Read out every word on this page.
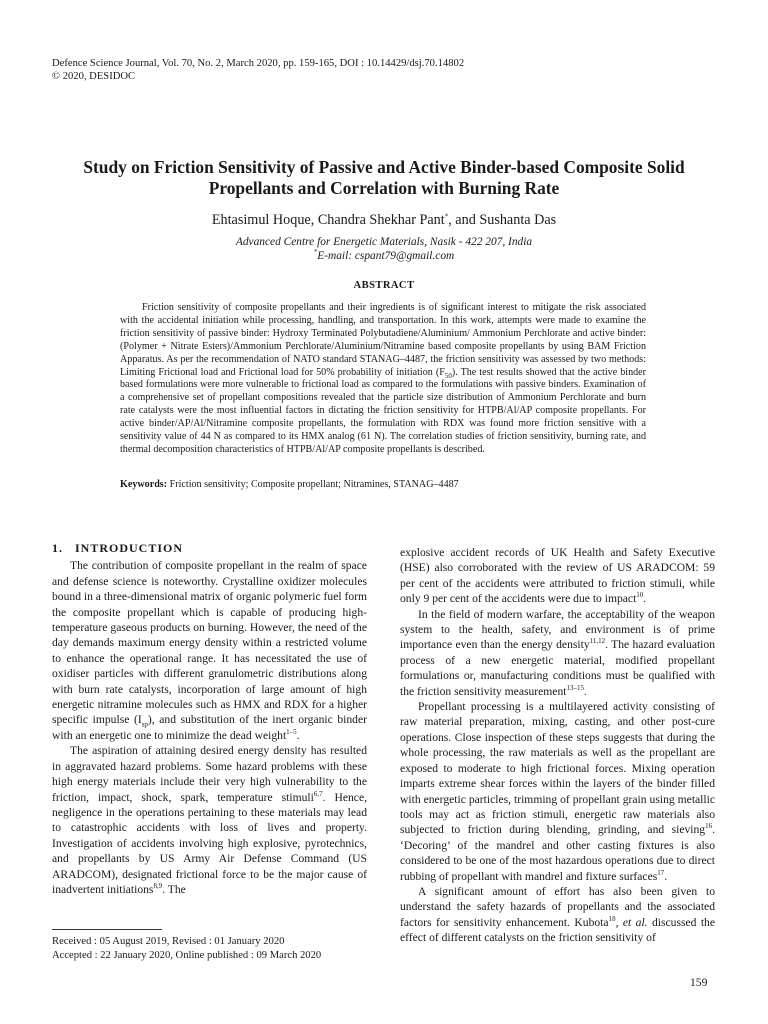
Defence Science Journal, Vol. 70, No. 2, March 2020, pp. 159-165, DOI : 10.14429/dsj.70.14802
© 2020, DESIDOC
Study on Friction Sensitivity of Passive and Active Binder-based Composite Solid Propellants and Correlation with Burning Rate
Ehtasimul Hoque, Chandra Shekhar Pant*, and Sushanta Das
Advanced Centre for Energetic Materials, Nasik - 422 207, India
*E-mail: cspant79@gmail.com
ABSTRACT

Friction sensitivity of composite propellants and their ingredients is of significant interest to mitigate the risk associated with the accidental initiation while processing, handling, and transportation. In this work, attempts were made to examine the friction sensitivity of passive binder: Hydroxy Terminated Polybutadiene/Aluminium/ Ammonium Perchlorate and active binder: (Polymer + Nitrate Esters)/Ammonium Perchlorate/Aluminium/Nitramine based composite propellants by using BAM Friction Apparatus. As per the recommendation of NATO standard STANAG–4487, the friction sensitivity was assessed by two methods: Limiting Frictional load and Frictional load for 50% probability of initiation $(F_{50})$. The test results showed that the active binder based formulations were more vulnerable to frictional load as compared to the formulations with passive binders. Examination of a comprehensive set of propellant compositions revealed that the particle size distribution of Ammonium Perchlorate and burn rate catalysts were the most influential factors in dictating the friction sensitivity for HTPB/Al/AP composite propellants. For active binder/AP/Al/Nitramine composite propellants, the formulation with RDX was found more friction sensitive with a sensitivity value of 44 N as compared to its HMX analog (61 N). The correlation studies of friction sensitivity, burning rate, and thermal decomposition characteristics of HTPB/Al/AP composite propellants is described.

Keywords: Friction sensitivity; Composite propellant; Nitramines, STANAG–4487

1. INTRODUCTION

The contribution of composite propellant in the realm of space and defense science is noteworthy. Crystalline oxidizer molecules bound in a three-dimensional matrix of organic polymeric fuel form the composite propellant which is capable of producing high-temperature gaseous products on burning. However, the need of the day demands maximum energy density within a restricted volume to enhance the operational range. It has necessitated the use of oxidiser particles with different granulometric distributions along with burn rate catalysts, incorporation of large amount of high energetic nitramine molecules such as HMX and RDX for a higher specific impulse $(I_{sp})$, and substitution of the inert organic binder with an energetic one to minimize the dead weight$^{1-5}$.

The aspiration of attaining desired energy density has resulted in aggravated hazard problems. Some hazard problems with these high energy materials include their very high vulnerability to the friction, impact, shock, spark, temperature stimuli$^{6,7}$. Hence, negligence in the operations pertaining to these materials may lead to catastrophic accidents with loss of lives and property. Investigation of accidents involving high explosive, pyrotechnics, and propellants by US Army Air Defense Command (US ARADCOM), designated frictional force to be the major cause of inadvertent initiations$^{8,9}$. The

explosive accident records of UK Health and Safety Executive (HSE) also corroborated with the review of US ARADCOM: 59 per cent of the accidents were attributed to friction stimuli, while only 9 per cent of the accidents were due to impact$^{10}$.

In the field of modern warfare, the acceptability of the weapon system to the health, safety, and environment is of prime importance even than the energy density$^{11,12}$. The hazard evaluation process of a new energetic material, modified propellant formulations or, manufacturing conditions must be qualified with the friction sensitivity measurement$^{13-15}$.

Propellant processing is a multilayered activity consisting of raw material preparation, mixing, casting, and other post-cure operations. Close inspection of these steps suggests that during the whole processing, the raw materials as well as the propellant are exposed to moderate to high frictional forces. Mixing operation imparts extreme shear forces within the layers of the binder filled with energetic particles, trimming of propellant grain using metallic tools may act as friction stimuli, energetic raw materials also subjected to friction during blending, grinding, and sieving$^{16}$. ‘Decoring’ of the mandrel and other casting fixtures is also considered to be one of the most hazardous operations due to direct rubbing of propellant with mandrel and fixture surfaces$^{17}$.

A significant amount of effort has also been given to understand the safety hazards of propellants and the associated factors for sensitivity enhancement. Kubota$^{18}$, et al. discussed the effect of different catalysts on the friction sensitivity of

Received : 05 August 2019, Revised : 01 January 2020
Accepted : 22 January 2020, Online published : 09 March 2020
159
